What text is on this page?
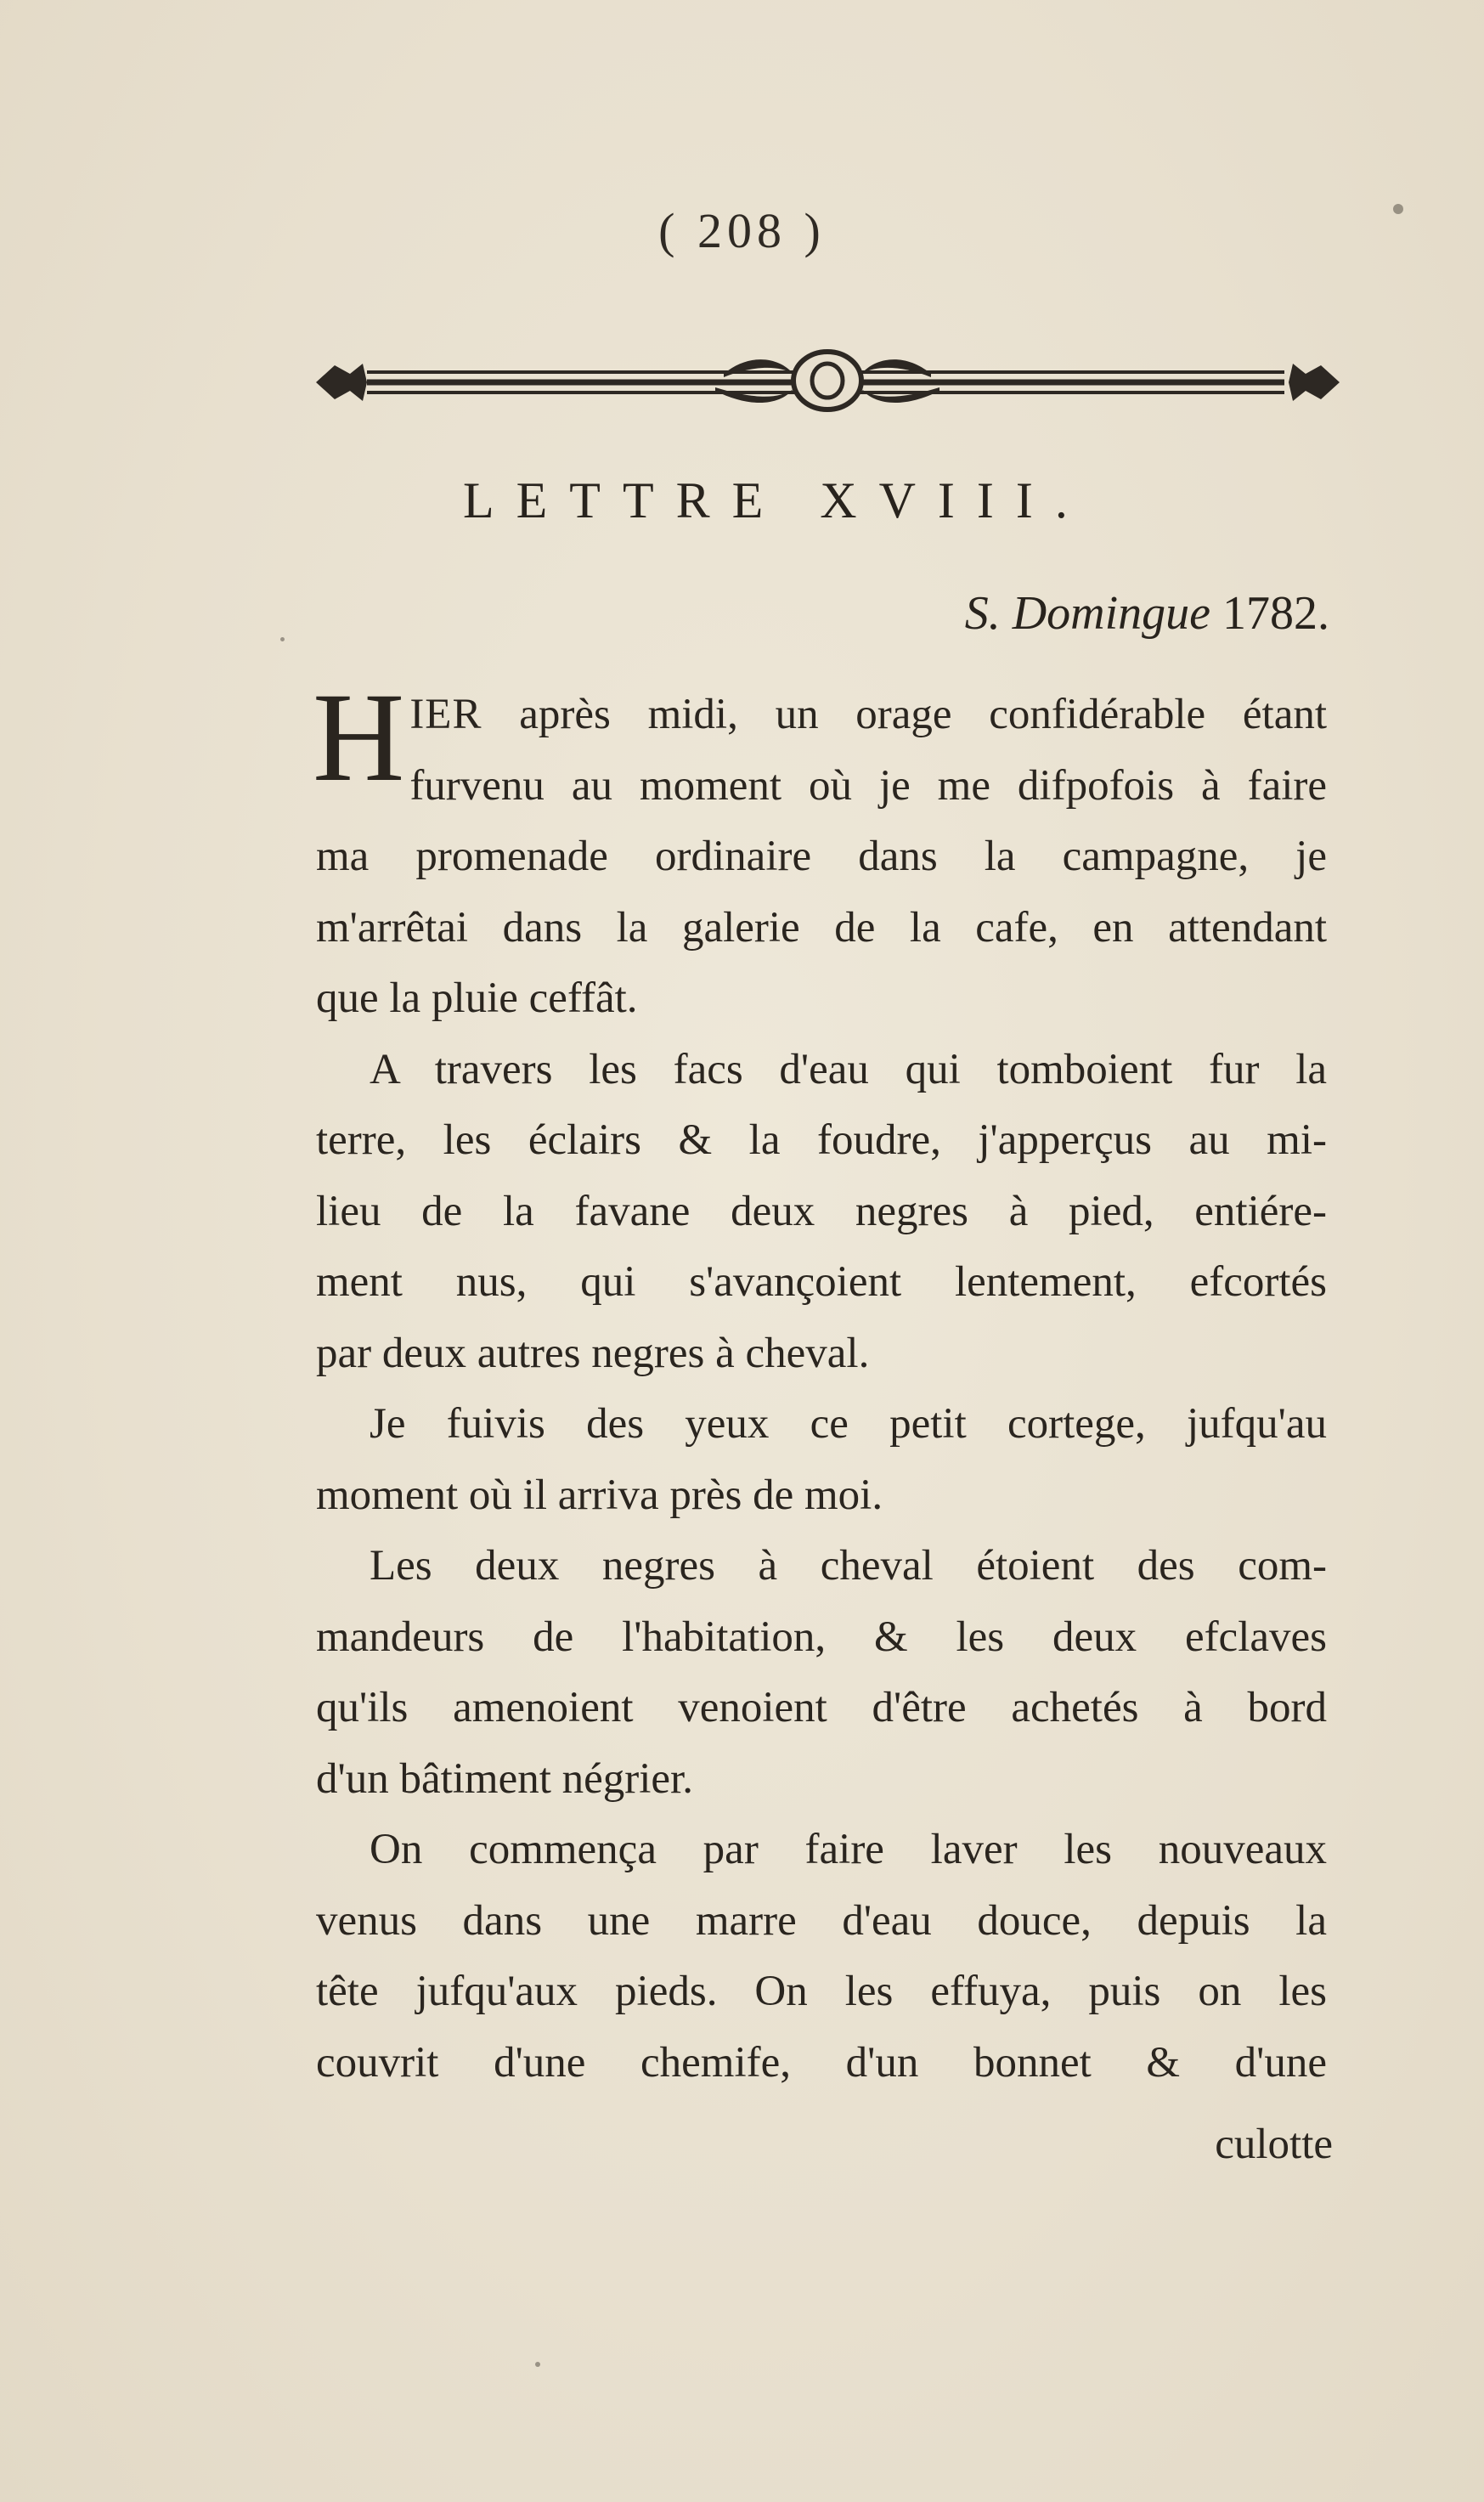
( 208 )
LETTRE XVIII.
S. Domingue 1782.
H IER après midi, un orage confidérable étant
furvenu au moment où je me difpofois à faire
ma promenade ordinaire dans la campagne, je
m'arrêtai dans la galerie de la cafe, en attendant
que la pluie ceffât.
A travers les facs d'eau qui tomboient fur la
terre, les éclairs & la foudre, j'apperçus au mi-
lieu de la favane deux negres à pied, entiére-
ment nus, qui s'avançoient lentement, efcortés
par deux autres negres à cheval.
Je fuivis des yeux ce petit cortege, jufqu'au
moment où il arriva près de moi.
Les deux negres à cheval étoient des com-
mandeurs de l'habitation, & les deux efclaves
qu'ils amenoient venoient d'être achetés à bord
d'un bâtiment négrier.
On commença par faire laver les nouveaux
venus dans une marre d'eau douce, depuis la
tête jufqu'aux pieds. On les effuya, puis on les
couvrit d'une chemife, d'un bonnet & d'une
culotte
